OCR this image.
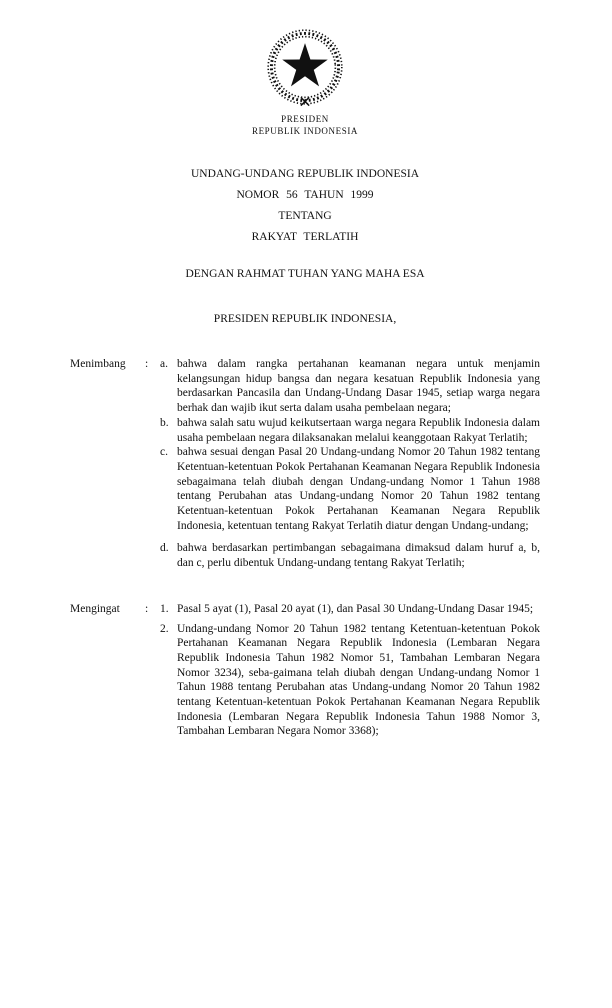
PRESIDEN
REPUBLIK INDONESIA
UNDANG-UNDANG REPUBLIK INDONESIA
NOMOR 56 TAHUN 1999
TENTANG
RAKYAT TERLATIH
DENGAN RAHMAT TUHAN YANG MAHA ESA
PRESIDEN REPUBLIK INDONESIA,
Menimbang	:	a. bahwa dalam rangka pertahanan keamanan negara untuk menjamin kelangsungan hidup bangsa dan negara kesatuan Republik Indonesia yang berdasarkan Pancasila dan Undang-Undang Dasar 1945, setiap warga negara berhak dan wajib ikut serta dalam usaha pembelaan negara;
b. bahwa salah satu wujud keikutsertaan warga negara Republik Indonesia dalam usaha pembelaan negara dilaksanakan melalui keanggotaan Rakyat Terlatih;
c. bahwa sesuai dengan Pasal 20 Undang-undang Nomor 20 Tahun 1982 tentang Ketentuan-ketentuan Pokok Pertahanan Keamanan Negara Republik Indonesia sebagaimana telah diubah dengan Undang-undang Nomor 1 Tahun 1988 tentang Perubahan atas Undang-undang Nomor 20 Tahun 1982 tentang Ketentuan-ketentuan Pokok Pertahanan Keamanan Negara Republik Indonesia, ketentuan tentang Rakyat Terlatih diatur dengan Undang-undang;
d. bahwa berdasarkan pertimbangan sebagaimana dimaksud dalam huruf a, b, dan c, perlu dibentuk Undang-undang tentang Rakyat Terlatih;
Mengingat	:	1. Pasal 5 ayat (1), Pasal 20 ayat (1), dan Pasal 30 Undang-Undang Dasar 1945;
2. Undang-undang Nomor 20 Tahun 1982 tentang Ketentuan-ketentuan Pokok Pertahanan Keamanan Negara Republik Indonesia (Lembaran Negara Republik Indonesia Tahun 1982 Nomor 51, Tambahan Lembaran Negara Nomor 3234), seba-gaimana telah diubah dengan Undang-undang Nomor 1 Tahun 1988 tentang Perubahan atas Undang-undang Nomor 20 Tahun 1982 tentang Ketentuan-ketentuan Pokok Pertahanan Keamanan Negara Republik Indonesia (Lembaran Negara Republik Indonesia Tahun 1988 Nomor 3, Tambahan Lembaran Negara Nomor 3368);
